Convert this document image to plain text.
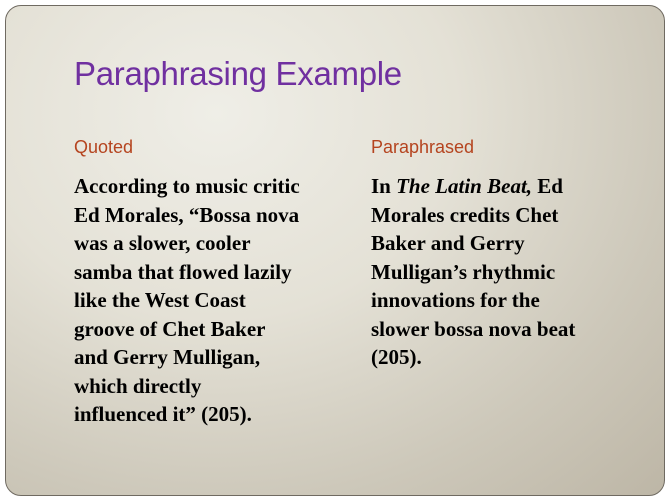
Paraphrasing Example
Quoted	Paraphrased
According to music critic
Ed Morales, “Bossa nova
was a slower, cooler
samba that flowed lazily
like the West Coast
groove of Chet Baker
and Gerry Mulligan,
which directly
influenced it” (205).
In The Latin Beat, Ed
Morales credits Chet
Baker and Gerry
Mulligan’s rhythmic
innovations for the
slower bossa nova beat
(205).
